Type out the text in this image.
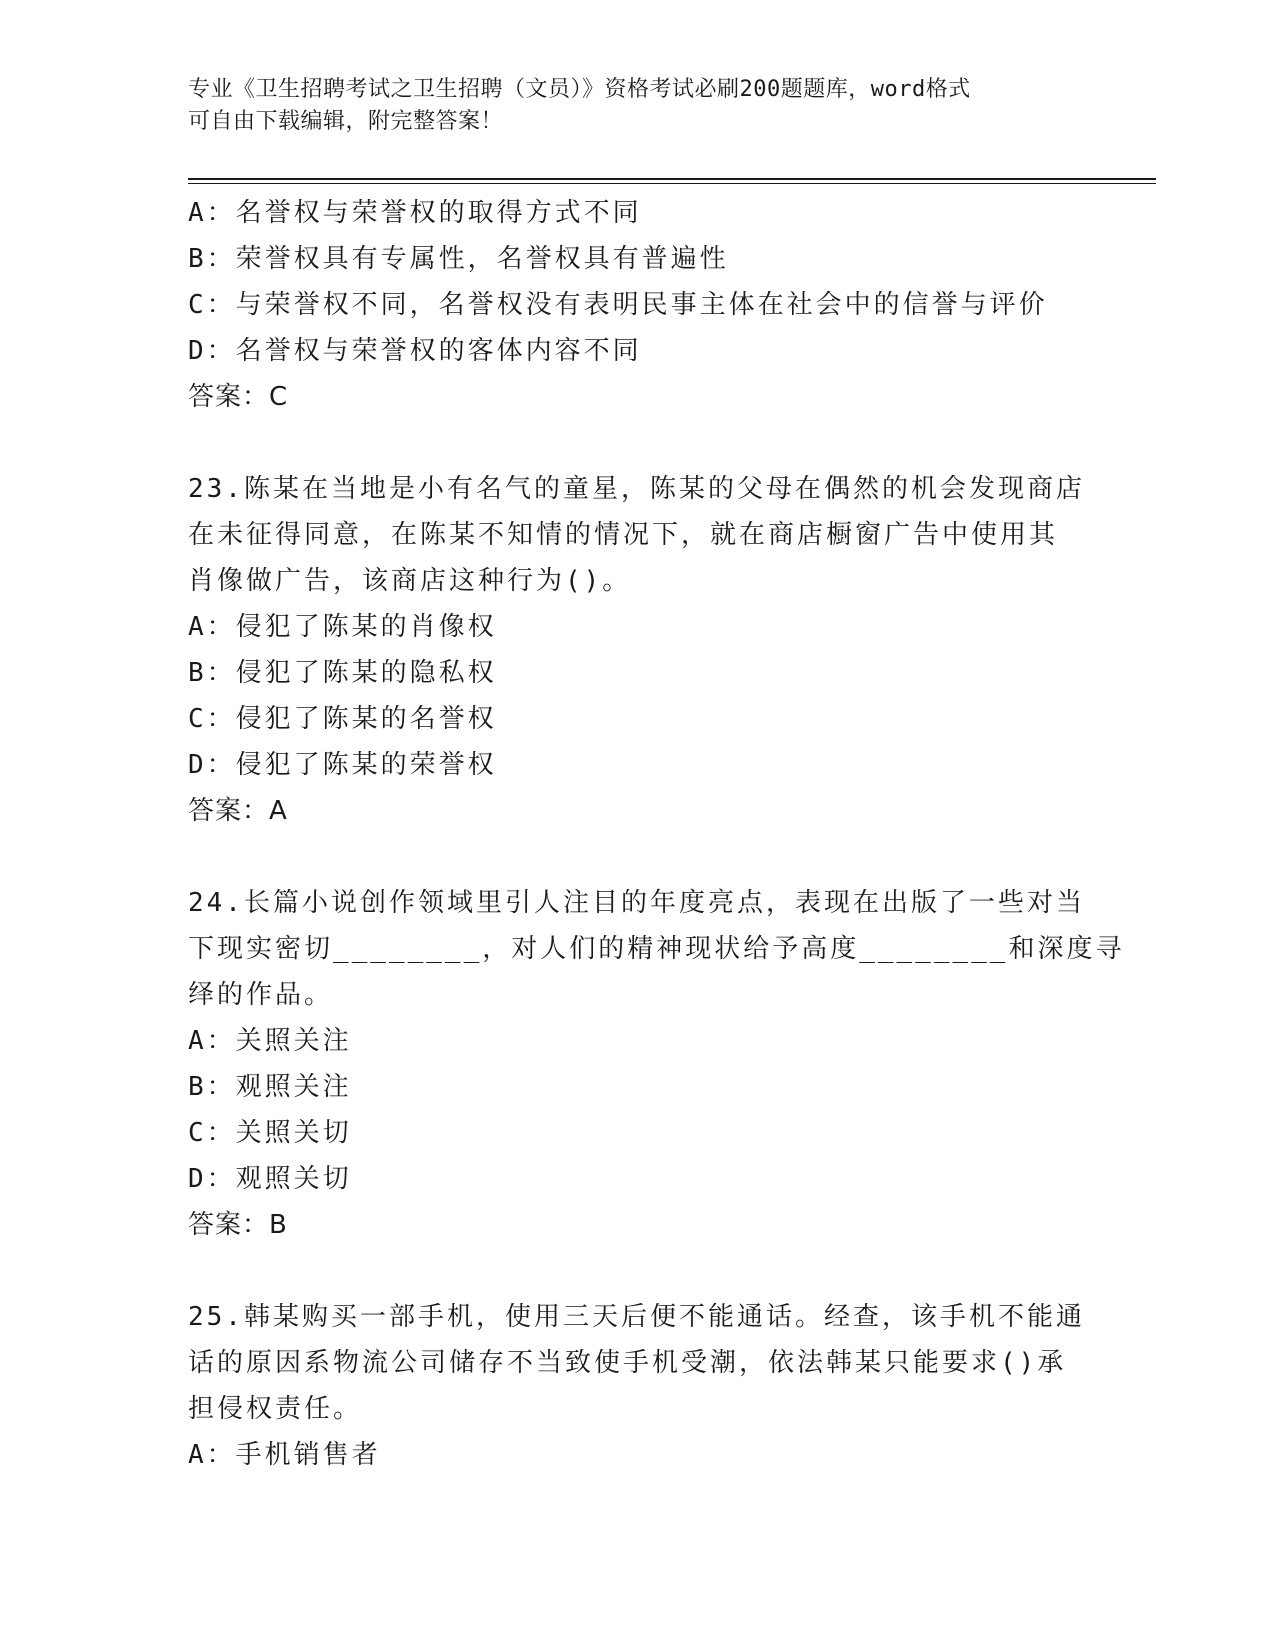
专业《卫生招聘考试之卫生招聘（文员）》资格考试必刷200题题库，word格式
可自由下载编辑，附完整答案！
A：名誉权与荣誉权的取得方式不同
B：荣誉权具有专属性，名誉权具有普遍性
C：与荣誉权不同，名誉权没有表明民事主体在社会中的信誉与评价
D：名誉权与荣誉权的客体内容不同
答案：C
23.陈某在当地是小有名气的童星，陈某的父母在偶然的机会发现商店
在未征得同意，在陈某不知情的情况下，就在商店橱窗广告中使用其
肖像做广告，该商店这种行为()。
A：侵犯了陈某的肖像权
B：侵犯了陈某的隐私权
C：侵犯了陈某的名誉权
D：侵犯了陈某的荣誉权
答案：A
24.长篇小说创作领域里引人注目的年度亮点，表现在出版了一些对当
下现实密切________，对人们的精神现状给予高度________和深度寻
绎的作品。
A：关照关注
B：观照关注
C：关照关切
D：观照关切
答案：B
25.韩某购买一部手机，使用三天后便不能通话。经查，该手机不能通
话的原因系物流公司储存不当致使手机受潮，依法韩某只能要求()承
担侵权责任。
A：手机销售者
